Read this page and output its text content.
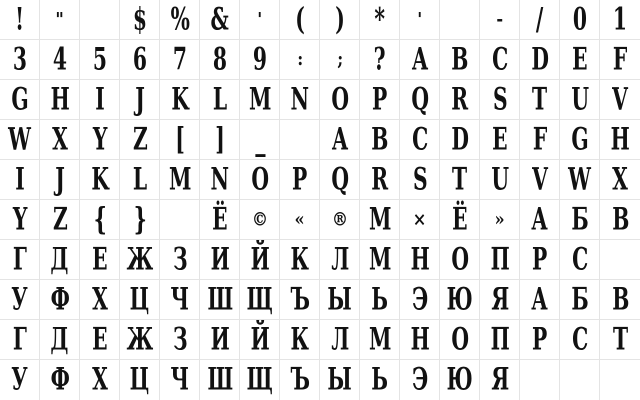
! "	$ % & ' ( ) * '	- / 0 1
3 4 5 6 7 8 9 : ; ? A B C D E F
G H I J K L M N O P Q R S T U V
W X Y Z [ ] _	A B C D E F G H
I J K L M N O P Q R S T U V W X
Y Z { }	Ё © « ® М × Ё » А Б В
Г Д Е Ж З И Й К Л М Н О П Р С
У Ф Х Ц Ч Ш Щ Ъ Ы Ь Э Ю Я А Б В
Г Д Е Ж З И Й К Л М Н О П Р С Т
У Ф Х Ц Ч Ш Щ Ъ Ы Ь Э Ю Я
